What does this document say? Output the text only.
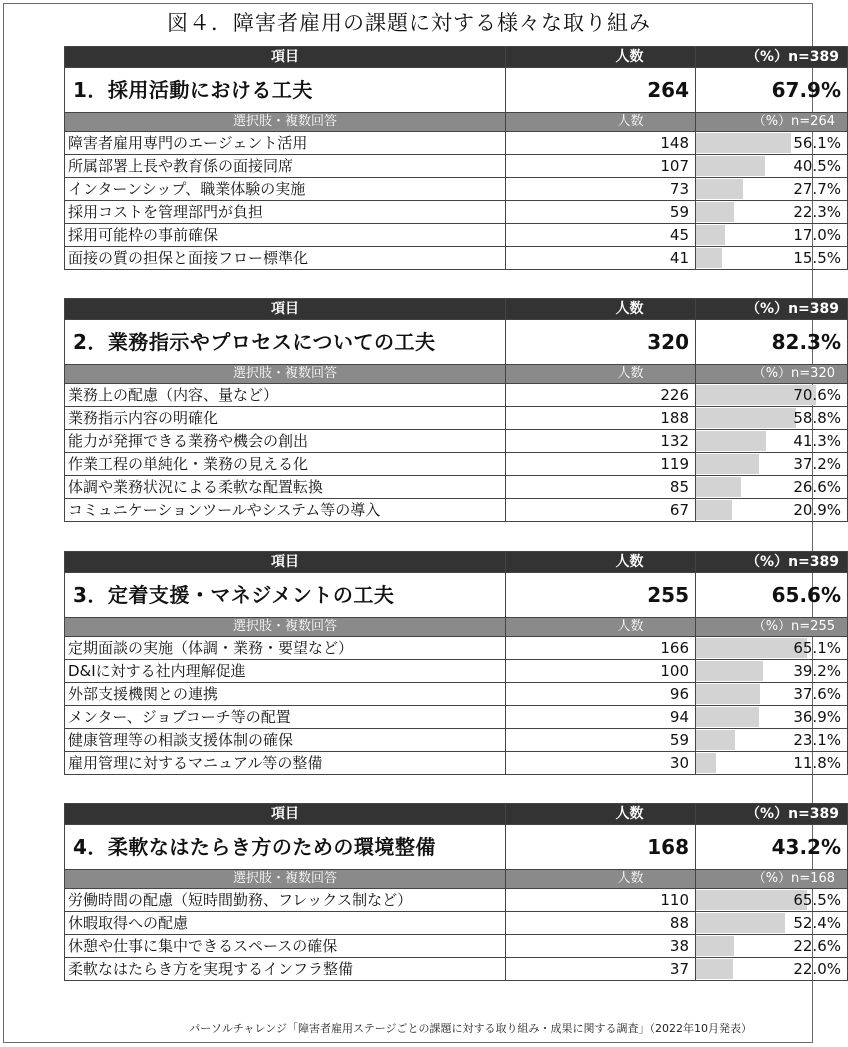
図４．障害者雇用の課題に対する様々な取り組み
項目	人数	（%）n=389
1．採用活動における工夫	264	67.9%
選択肢・複数回答	人数	（%）n=264
障害者雇用専門のエージェント活用	148	56.1%
所属部署上長や教育係の面接同席	107	40.5%
インターンシップ、職業体験の実施	73	27.7%
採用コストを管理部門が負担	59	22.3%
採用可能枠の事前確保	45	17.0%
面接の質の担保と面接フロー標準化	41	15.5%
項目	人数	（%）n=389
2．業務指示やプロセスについての工夫	320	82.3%
選択肢・複数回答	人数	（%）n=320
業務上の配慮（内容、量など）	226	70.6%
業務指示内容の明確化	188	58.8%
能力が発揮できる業務や機会の創出	132	41.3%
作業工程の単純化・業務の見える化	119	37.2%
体調や業務状況による柔軟な配置転換	85	26.6%
コミュニケーションツールやシステム等の導入	67	20.9%
項目	人数	（%）n=389
3．定着支援・マネジメントの工夫	255	65.6%
選択肢・複数回答	人数	（%）n=255
定期面談の実施（体調・業務・要望など）	166	65.1%
D&Iに対する社内理解促進	100	39.2%
外部支援機関との連携	96	37.6%
メンター、ジョブコーチ等の配置	94	36.9%
健康管理等の相談支援体制の確保	59	23.1%
雇用管理に対するマニュアル等の整備	30	11.8%
項目	人数	（%）n=389
4．柔軟なはたらき方のための環境整備	168	43.2%
選択肢・複数回答	人数	（%）n=168
労働時間の配慮（短時間勤務、フレックス制など）	110	65.5%
休暇取得への配慮	88	52.4%
休憩や仕事に集中できるスペースの確保	38	22.6%
柔軟なはたらき方を実現するインフラ整備	37	22.0%
パーソルチャレンジ「障害者雇用ステージごとの課題に対する取り組み・成果に関する調査」（2022年10月発表）
